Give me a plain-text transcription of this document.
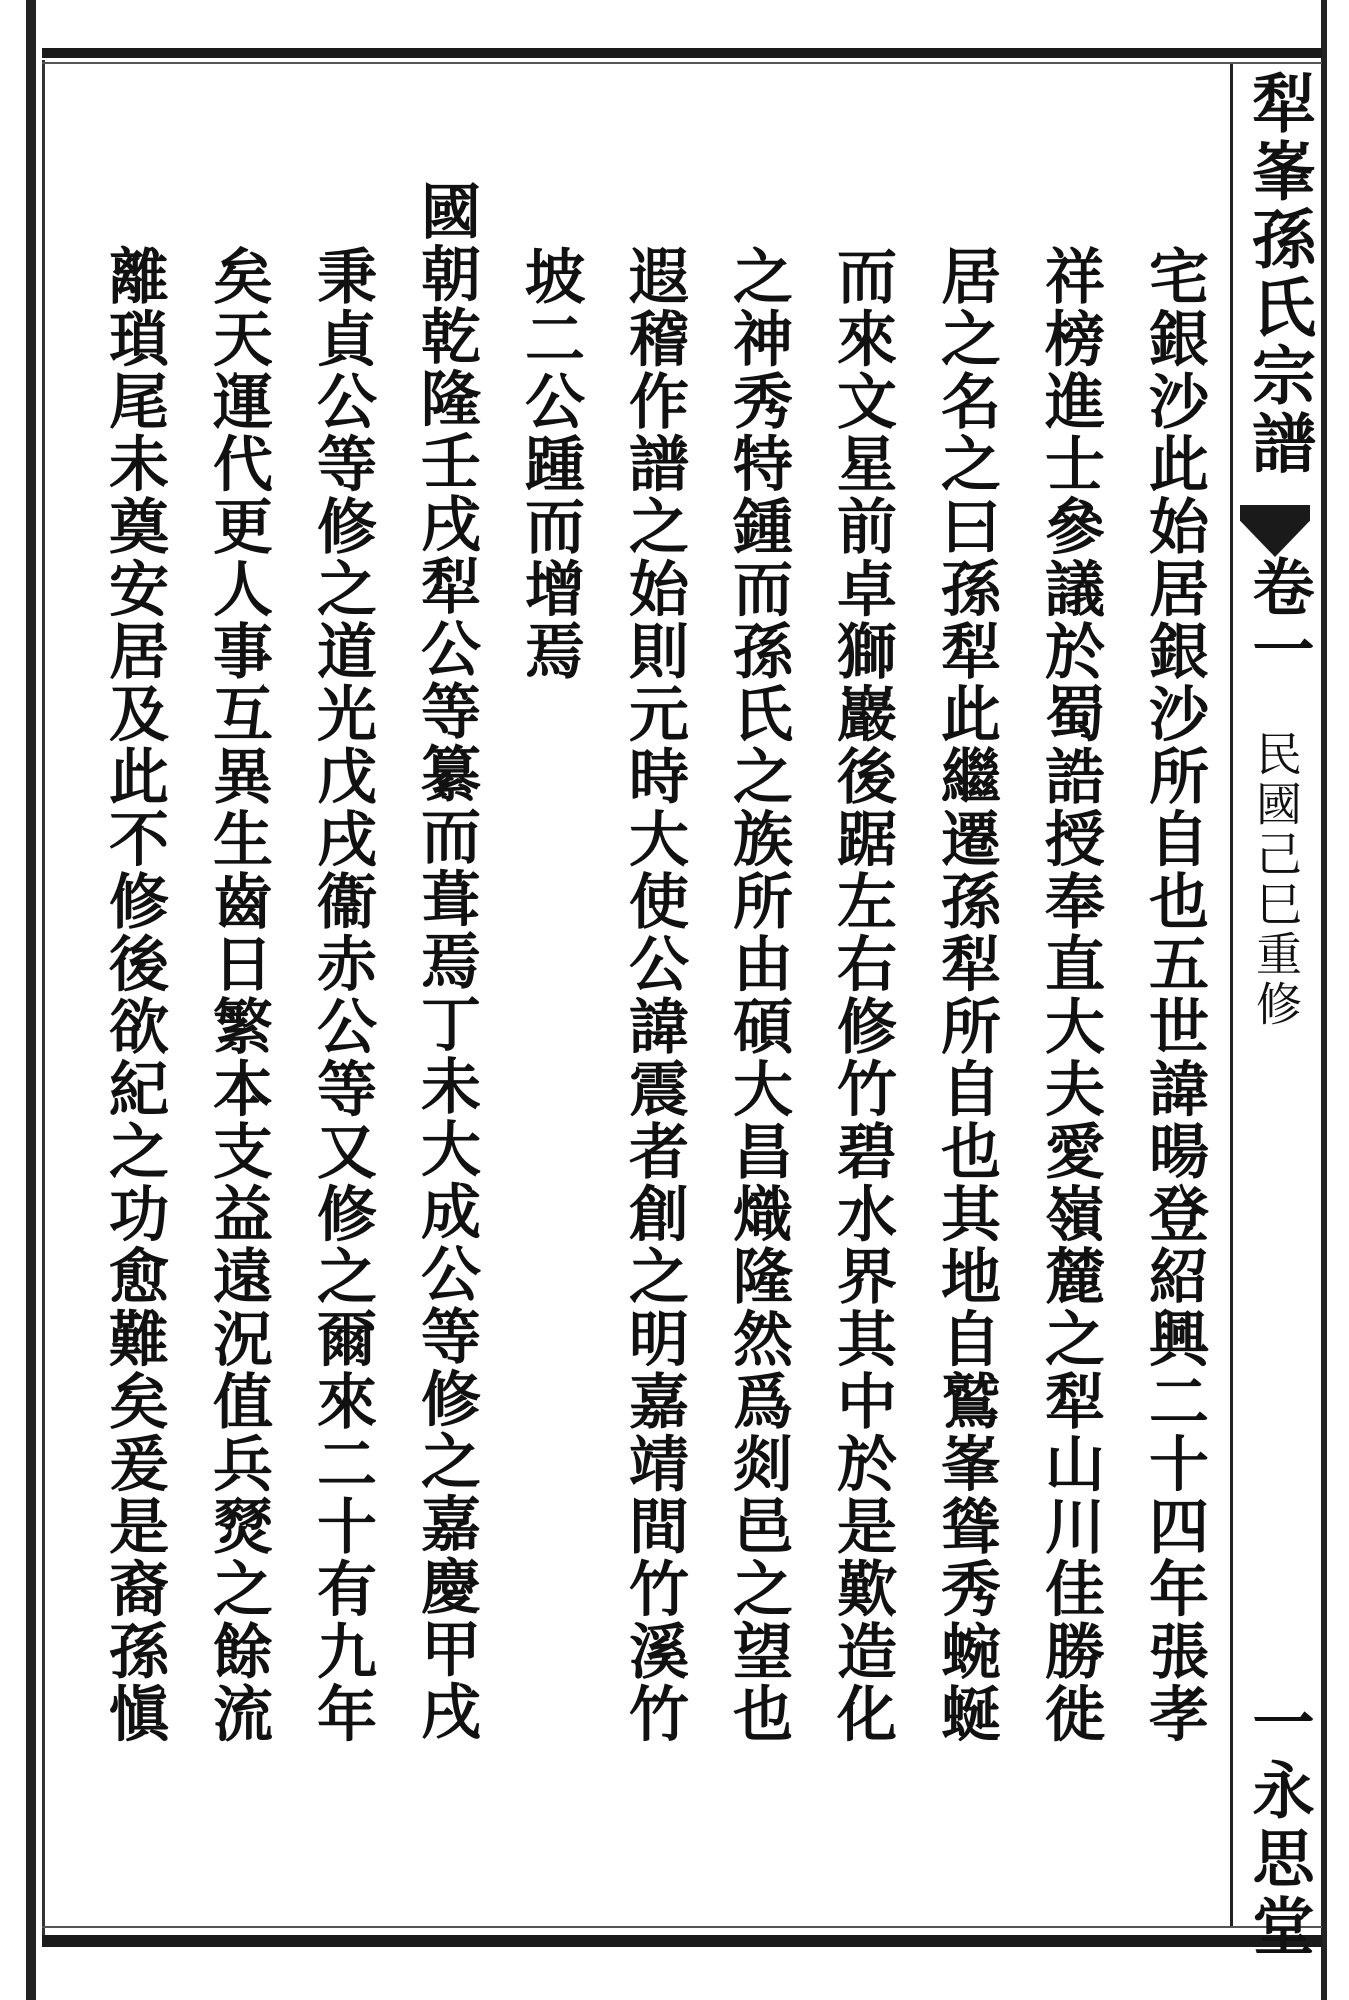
犁峯孫氏宗譜
卷一
民國己巳重修
一永思堂
宅銀沙此始居銀沙所自也五世諱暘登紹興二十四年張孝
祥榜進士參議於蜀誥授奉直大夫愛嶺麓之犁山川佳勝徙
居之名之曰孫犁此繼遷孫犁所自也其地自鷲峯聳秀蜿蜒
而來文星前卓獅巖後踞左右修竹碧水界其中於是歎造化
之神秀特鍾而孫氏之族所由碩大昌熾隆然爲剡邑之望也
遐稽作譜之始則元時大使公諱震者創之明嘉靖間竹溪竹
坡二公踵而增焉
國朝乾隆壬戌犁公等纂而葺焉丁未大成公等修之嘉慶甲戌
秉貞公等修之道光戊戌衞赤公等又修之爾來二十有九年
矣天運代更人事互異生齒日繁本支益遠況值兵燹之餘流
離瑣尾未奠安居及此不修後欲紀之功愈難矣爰是裔孫愼
